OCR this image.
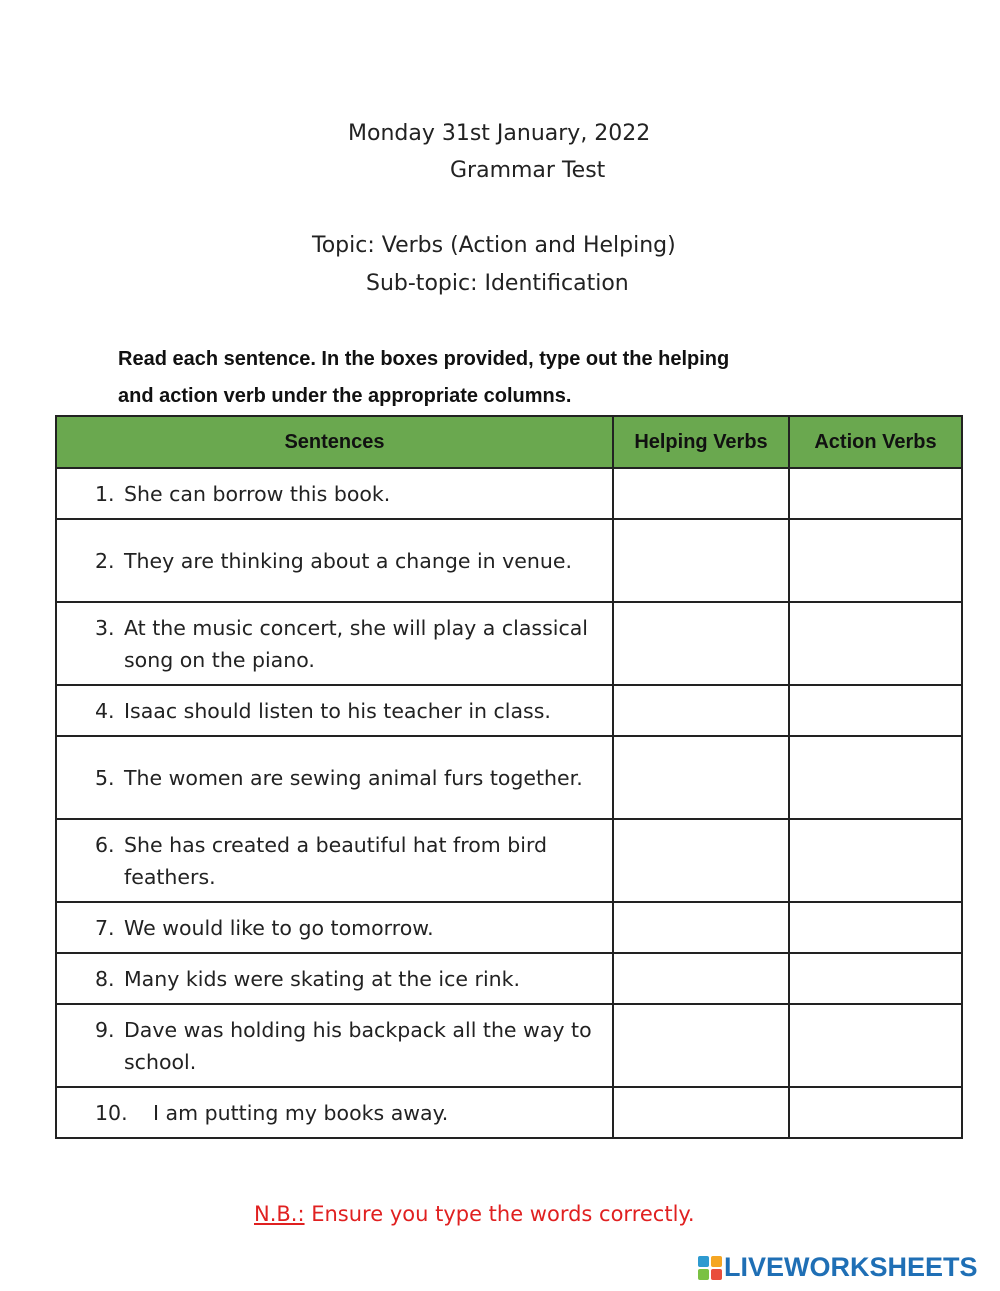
Monday 31st January, 2022
Grammar Test
Topic: Verbs (Action and Helping)
Sub-topic: Identification
Read each sentence. In the boxes provided, type out the helping
and action verb under the appropriate columns.
Sentences	Helping Verbs	Action Verbs

1. She can borrow this book.		

2. They are thinking about a change in venue.		

3. At the music concert, she will play a classical song on the piano.		

4. Isaac should listen to his teacher in class.		

5. The women are sewing animal furs together.		

6. She has created a beautiful hat from bird feathers.		

7. We would like to go tomorrow.		

8. Many kids were skating at the ice rink.		

9. Dave was holding his backpack all the way to school.		

10. I am putting my books away.		

N.B.: Ensure you type the words correctly.
LIVEWORKSHEETS
